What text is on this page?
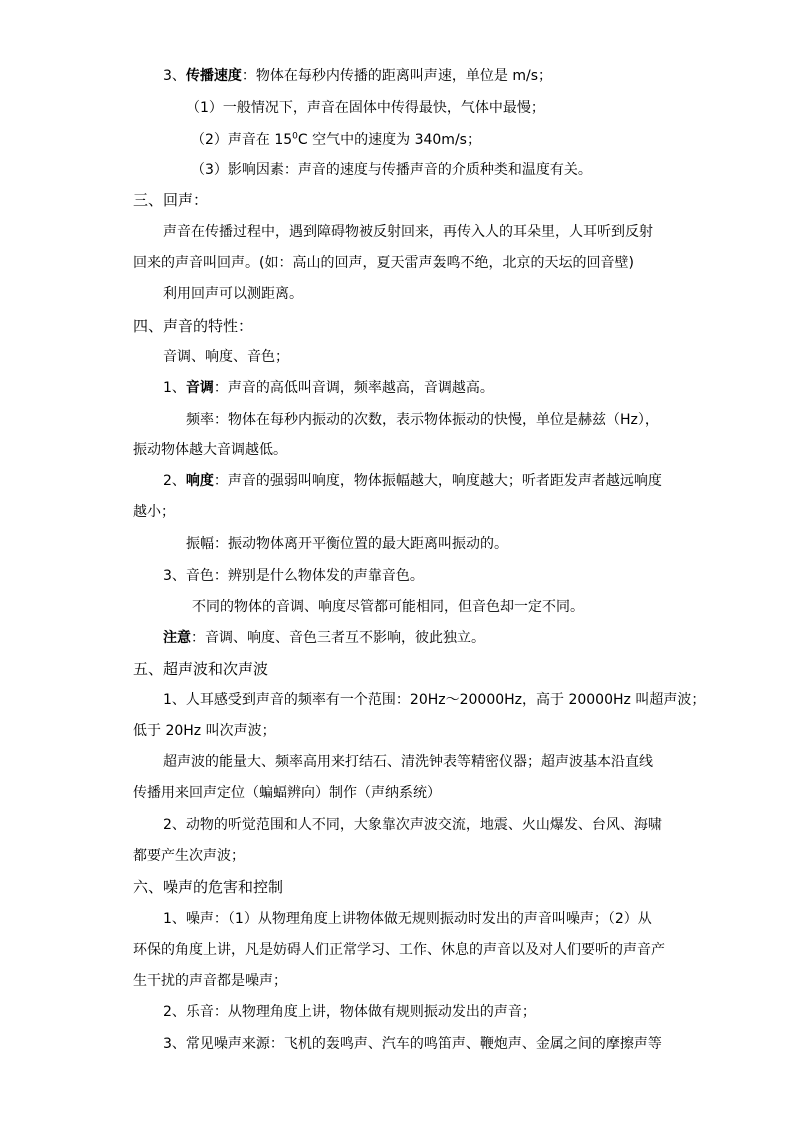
3、传播速度：物体在每秒内传播的距离叫声速，单位是 m/s；
（1）一般情况下，声音在固体中传得最快，气体中最慢；
（2）声音在 $15^0C$ 空气中的速度为 340m/s；
（3）影响因素：声音的速度与传播声音的介质种类和温度有关。
三、回声：
声音在传播过程中，遇到障碍物被反射回来，再传入人的耳朵里，人耳听到反射
回来的声音叫回声。(如：高山的回声，夏天雷声轰鸣不绝，北京的天坛的回音壁)
利用回声可以测距离。
四、声音的特性：
音调、响度、音色；
1、音调：声音的高低叫音调，频率越高，音调越高。
频率：物体在每秒内振动的次数，表示物体振动的快慢，单位是赫兹（Hz），
振动物体越大音调越低。
2、响度：声音的强弱叫响度，物体振幅越大，响度越大；听者距发声者越远响度
越小；
振幅：振动物体离开平衡位置的最大距离叫振动的。
3、音色：辨别是什么物体发的声靠音色。
不同的物体的音调、响度尽管都可能相同，但音色却一定不同。
注意：音调、响度、音色三者互不影响，彼此独立。
五、超声波和次声波
1、人耳感受到声音的频率有一个范围：20Hz～20000Hz，高于 20000Hz 叫超声波；
低于 20Hz 叫次声波；
超声波的能量大、频率高用来打结石、清洗钟表等精密仪器；超声波基本沿直线
传播用来回声定位（蝙蝠辨向）制作（声纳系统）
2、动物的听觉范围和人不同，大象靠次声波交流，地震、火山爆发、台风、海啸
都要产生次声波；
六、噪声的危害和控制
1、噪声：（1）从物理角度上讲物体做无规则振动时发出的声音叫噪声；（2）从
环保的角度上讲，凡是妨碍人们正常学习、工作、休息的声音以及对人们要听的声音产
生干扰的声音都是噪声；
2、乐音：从物理角度上讲，物体做有规则振动发出的声音；
3、常见噪声来源：飞机的轰鸣声、汽车的鸣笛声、鞭炮声、金属之间的摩擦声等
